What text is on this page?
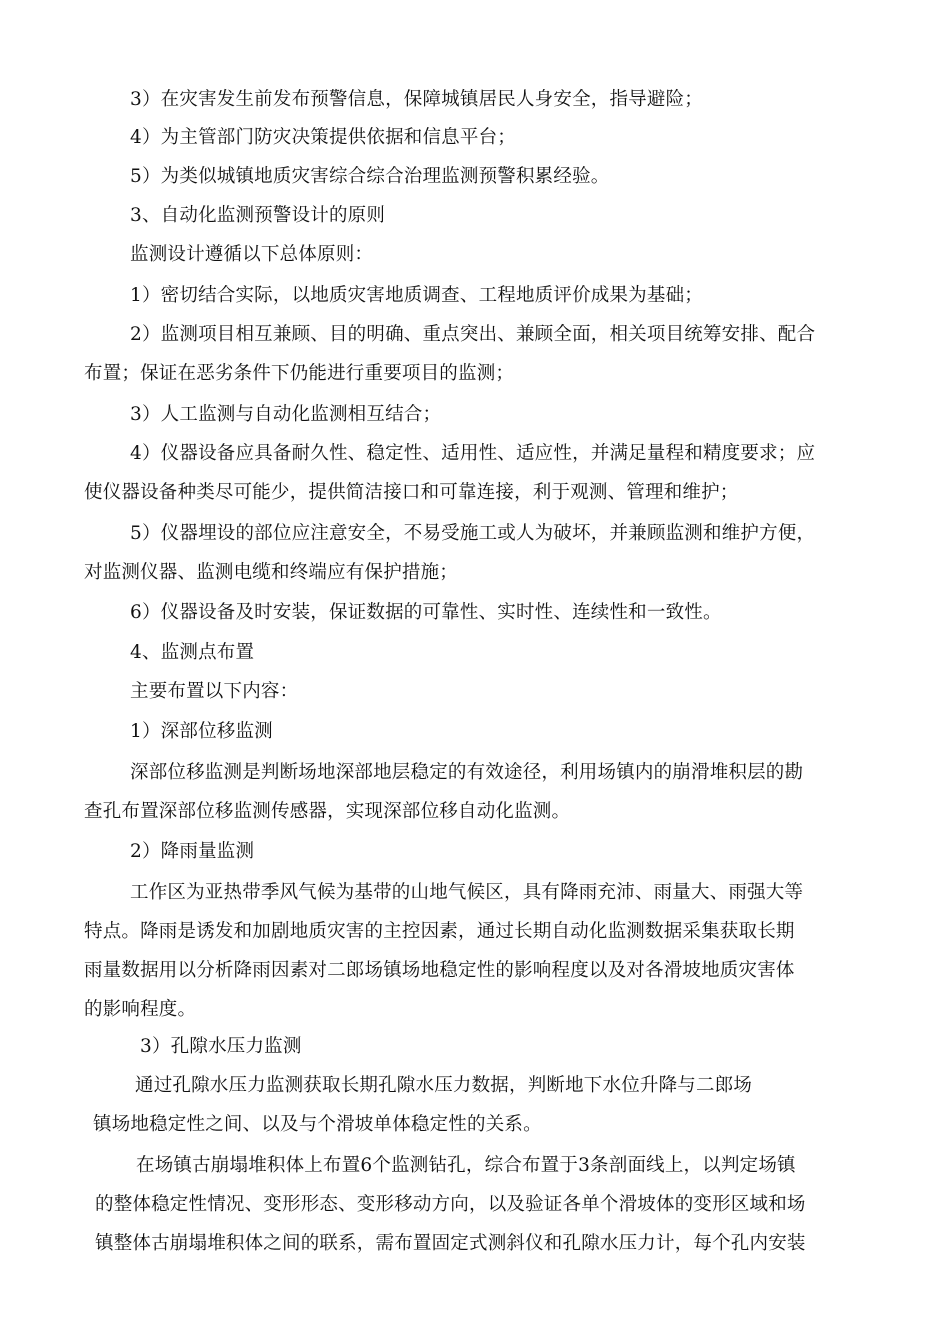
3）在灾害发生前发布预警信息，保障城镇居民人身安全，指导避险；
4）为主管部门防灾决策提供依据和信息平台；
5）为类似城镇地质灾害综合综合治理监测预警积累经验。
3、自动化监测预警设计的原则
监测设计遵循以下总体原则：
1）密切结合实际，以地质灾害地质调查、工程地质评价成果为基础；
2）监测项目相互兼顾、目的明确、重点突出、兼顾全面，相关项目统筹安排、配合
布置；保证在恶劣条件下仍能进行重要项目的监测；
3）人工监测与自动化监测相互结合；
4）仪器设备应具备耐久性、稳定性、适用性、适应性，并满足量程和精度要求；应
使仪器设备种类尽可能少，提供简洁接口和可靠连接，利于观测、管理和维护；
5）仪器埋设的部位应注意安全，不易受施工或人为破坏，并兼顾监测和维护方便，
对监测仪器、监测电缆和终端应有保护措施；
6）仪器设备及时安装，保证数据的可靠性、实时性、连续性和一致性。
4、监测点布置
主要布置以下内容：
1）深部位移监测
深部位移监测是判断场地深部地层稳定的有效途径，利用场镇内的崩滑堆积层的勘
查孔布置深部位移监测传感器，实现深部位移自动化监测。
2）降雨量监测
工作区为亚热带季风气候为基带的山地气候区，具有降雨充沛、雨量大、雨强大等
特点。降雨是诱发和加剧地质灾害的主控因素，通过长期自动化监测数据采集获取长期
雨量数据用以分析降雨因素对二郎场镇场地稳定性的影响程度以及对各滑坡地质灾害体
的影响程度。
3）孔隙水压力监测
通过孔隙水压力监测获取长期孔隙水压力数据，判断地下水位升降与二郎场
镇场地稳定性之间、以及与个滑坡单体稳定性的关系。
在场镇古崩塌堆积体上布置6个监测钻孔，综合布置于3条剖面线上，以判定场镇
的整体稳定性情况、变形形态、变形移动方向，以及验证各单个滑坡体的变形区域和场
镇整体古崩塌堆积体之间的联系，需布置固定式测斜仪和孔隙水压力计，每个孔内安装
